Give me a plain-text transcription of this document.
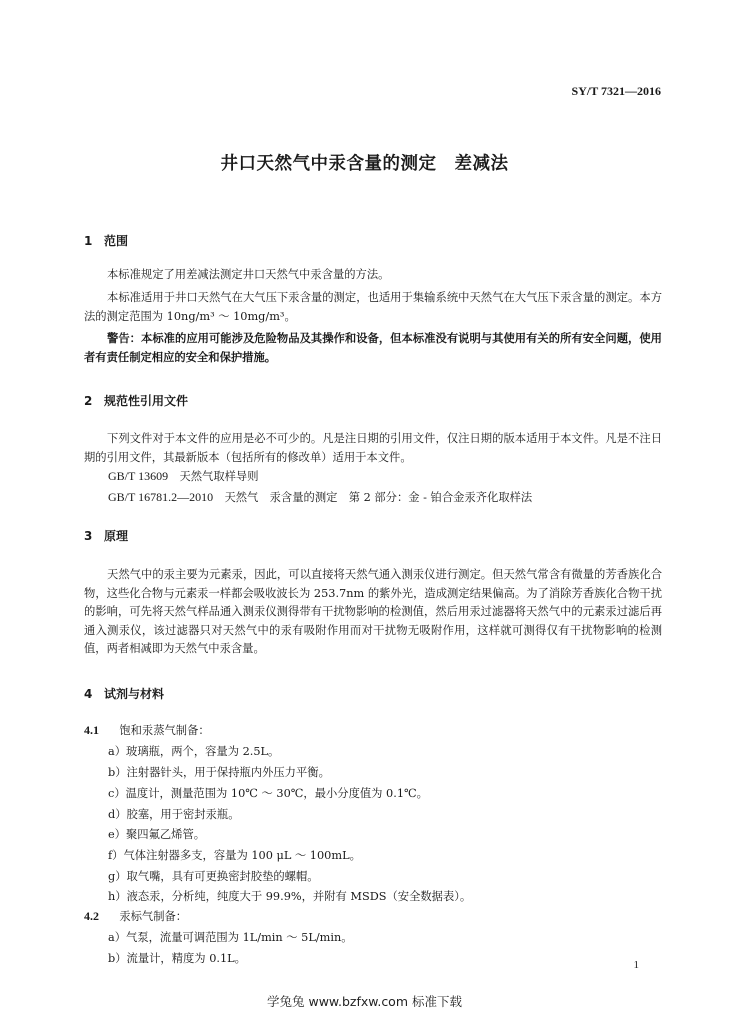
SY/T 7321—2016
井口天然气中汞含量的测定　差减法
1 范围
本标准规定了用差减法测定井口天然气中汞含量的方法。
本标准适用于井口天然气在大气压下汞含量的测定，也适用于集输系统中天然气在大气压下汞含量的测定。本方法的测定范围为 10ng/m³ ～ 10mg/m³。
警告：本标准的应用可能涉及危险物品及其操作和设备，但本标准没有说明与其使用有关的所有安全问题，使用者有责任制定相应的安全和保护措施。
2 规范性引用文件
下列文件对于本文件的应用是必不可少的。凡是注日期的引用文件，仅注日期的版本适用于本文件。凡是不注日期的引用文件，其最新版本（包括所有的修改单）适用于本文件。
GB/T 13609　 天然气取样导则
GB/T 16781.2—2010　 天然气　汞含量的测定　第 2 部分：金 - 铂合金汞齐化取样法
3 原理
天然气中的汞主要为元素汞，因此，可以直接将天然气通入测汞仪进行测定。但天然气常含有微量的芳香族化合物，这些化合物与元素汞一样都会吸收波长为 253.7nm 的紫外光，造成测定结果偏高。为了消除芳香族化合物干扰的影响，可先将天然气样品通入测汞仪测得带有干扰物影响的检测值，然后用汞过滤器将天然气中的元素汞过滤后再通入测汞仪，该过滤器只对天然气中的汞有吸附作用而对干扰物无吸附作用，这样就可测得仅有干扰物影响的检测值，两者相减即为天然气中汞含量。
4 试剂与材料
4.1　 饱和汞蒸气制备：
a）玻璃瓶，两个，容量为 2.5L。
b）注射器针头，用于保持瓶内外压力平衡。
c）温度计，测量范围为 10℃ ～ 30℃，最小分度值为 0.1℃。
d）胶塞，用于密封汞瓶。
e）聚四氟乙烯管。
f）气体注射器多支，容量为 100 μL ～ 100mL。
g）取气嘴，具有可更换密封胶垫的螺帽。
h）液态汞，分析纯，纯度大于 99.9%，并附有 MSDS（安全数据表）。
4.2　 汞标气制备：
a）气泵，流量可调范围为 1L/min ～ 5L/min。
b）流量计，精度为 0.1L。	1
学兔兔 www.bzfxw.com 标准下载
